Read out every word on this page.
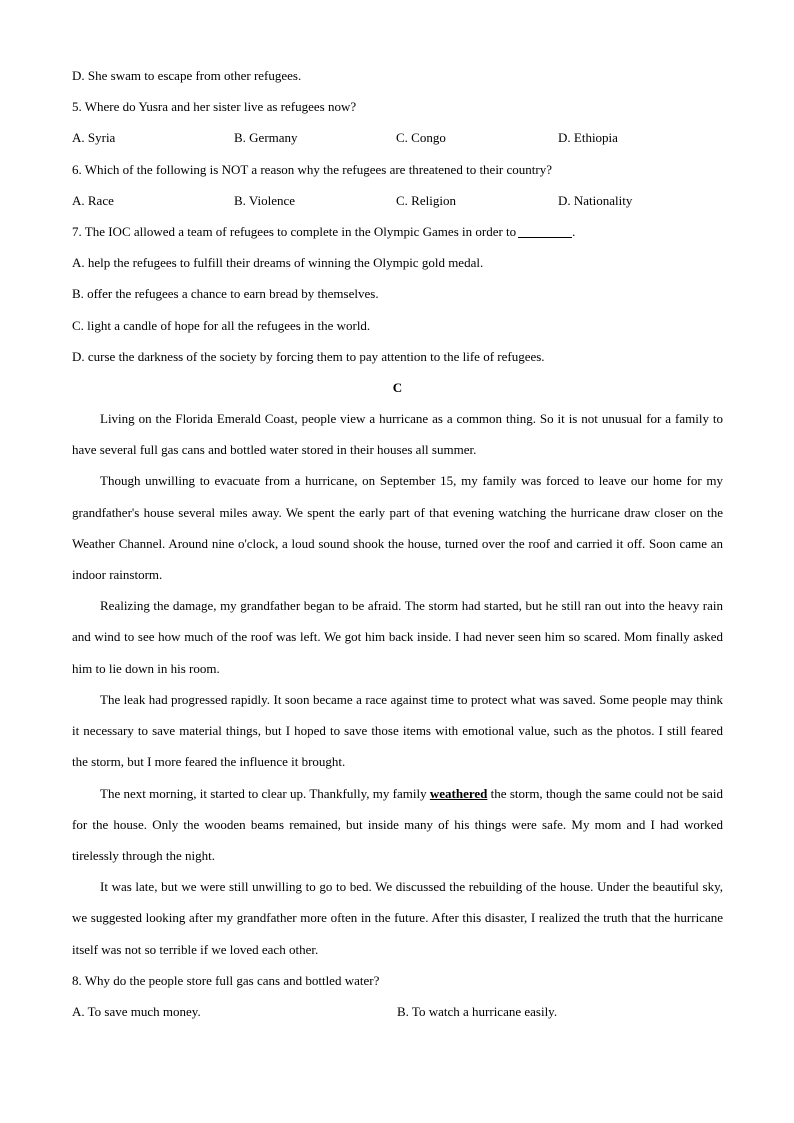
D. She swam to escape from other refugees.
5. Where do Yusra and her sister live as refugees now?
A. Syria	B. Germany	C. Congo	D. Ethiopia
6. Which of the following is NOT a reason why the refugees are threatened to their country?
A. Race	B. Violence	C. Religion	D. Nationality
7. The IOC allowed a team of refugees to complete in the Olympic Games in order to	.
A. help the refugees to fulfill their dreams of winning the Olympic gold medal.
B. offer the refugees a chance to earn bread by themselves.
C. light a candle of hope for all the refugees in the world.
D. curse the darkness of the society by forcing them to pay attention to the life of refugees.
C

Living on the Florida Emerald Coast, people view a hurricane as a common thing. So it is not unusual for a family to have several full gas cans and bottled water stored in their houses all summer.

Though unwilling to evacuate from a hurricane, on September 15, my family was forced to leave our home for my grandfather's house several miles away. We spent the early part of that evening watching the hurricane draw closer on the Weather Channel. Around nine o'clock, a loud sound shook the house, turned over the roof and carried it off. Soon came an indoor rainstorm.

Realizing the damage, my grandfather began to be afraid. The storm had started, but he still ran out into the heavy rain and wind to see how much of the roof was left. We got him back inside. I had never seen him so scared. Mom finally asked him to lie down in his room.

The leak had progressed rapidly. It soon became a race against time to protect what was saved. Some people may think it necessary to save material things, but I hoped to save those items with emotional value, such as the photos. I still feared the storm, but I more feared the influence it brought.

The next morning, it started to clear up. Thankfully, my family weathered the storm, though the same could not be said for the house. Only the wooden beams remained, but inside many of his things were safe. My mom and I had worked tirelessly through the night.

It was late, but we were still unwilling to go to bed. We discussed the rebuilding of the house. Under the beautiful sky, we suggested looking after my grandfather more often in the future. After this disaster, I realized the truth that the hurricane itself was not so terrible if we loved each other.

8. Why do the people store full gas cans and bottled water?
A. To save much money.	B. To watch a hurricane easily.
